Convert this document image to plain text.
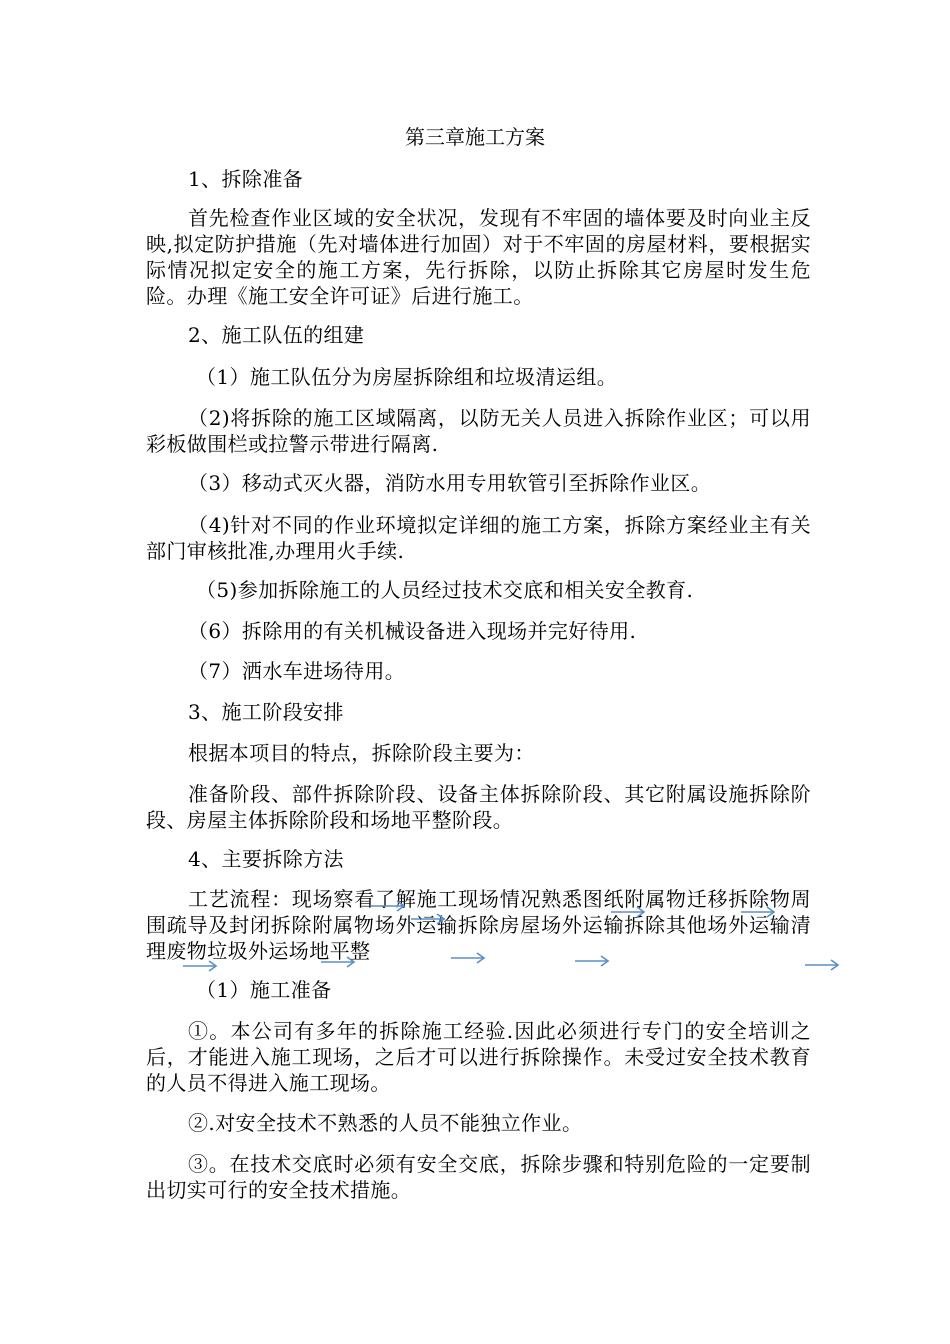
第三章施工方案

1、拆除准备

首先检查作业区域的安全状况，发现有不牢固的墙体要及时向业主反映,拟定防护措施（先对墙体进行加固）对于不牢固的房屋材料，要根据实际情况拟定安全的施工方案，先行拆除，以防止拆除其它房屋时发生危险。办理《施工安全许可证》后进行施工。

2、施工队伍的组建

（1）施工队伍分为房屋拆除组和垃圾清运组。

（2)将拆除的施工区域隔离，以防无关人员进入拆除作业区；可以用彩板做围栏或拉警示带进行隔离.

（3）移动式灭火器，消防水用专用软管引至拆除作业区。

（4)针对不同的作业环境拟定详细的施工方案，拆除方案经业主有关部门审核批准,办理用火手续.

（5)参加拆除施工的人员经过技术交底和相关安全教育.

（6）拆除用的有关机械设备进入现场并完好待用.

（7）洒水车进场待用。

3、施工阶段安排

根据本项目的特点，拆除阶段主要为：

准备阶段、部件拆除阶段、设备主体拆除阶段、其它附属设施拆除阶段、房屋主体拆除阶段和场地平整阶段。

4、主要拆除方法

工艺流程：现场察看了解施工现场情况熟悉图纸附属物迁移拆除物周围疏导及封闭拆除附属物场外运输拆除房屋场外运输拆除其他场外运输清理废物垃圾外运场地平整

（1）施工准备

①。本公司有多年的拆除施工经验.因此必须进行专门的安全培训之后，才能进入施工现场，之后才可以进行拆除操作。未受过安全技术教育的人员不得进入施工现场。

②.对安全技术不熟悉的人员不能独立作业。

③。在技术交底时必须有安全交底，拆除步骤和特别危险的一定要制出切实可行的安全技术措施。
